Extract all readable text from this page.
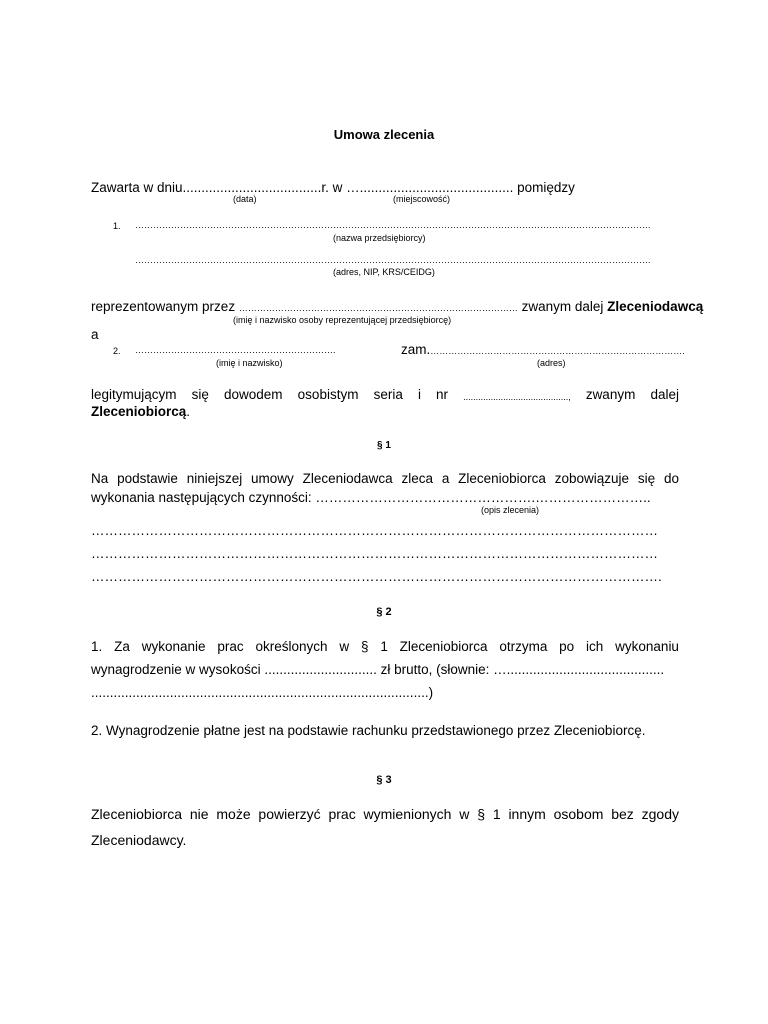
Umowa zlecenia
Zawarta w dniu.....................................r. w …......................................... pomiędzy
(data)	(miejscowość)
1. ……………………………………………………………………………………………………………………………………………………….
(nazwa przedsiębiorcy)
……………………………………………………………………………………………………………………………………………………….
(adres, NIP, KRS/CEIDG)
reprezentowanym przez ………………………………………………………………………………… zwanym dalej Zleceniodawcą
(imię i nazwisko osoby reprezentującej przedsiębiorcę)
a
2. ………………………………………………………….	zam.………………………………………………………………………….
(imię i nazwisko)	(adres)
legitymującym się dowodem osobistym seria i nr .........................................., zwanym dalej
Zleceniobiorcą.
§ 1
Na podstawie niniejszej umowy Zleceniodawca zleca a Zleceniobiorca zobowiązuje się do
wykonania następujących czynności: ………………………………………….……………………..
(opis zlecenia)
………………………………………………………………………………………………………………
………………………………………………………………………………………………………………
……………………………………………………………………………………………………………….
§ 2
1. Za wykonanie prac określonych w § 1 Zleceniobiorca otrzyma po ich wykonaniu
wynagrodzenie w wysokości .............................. zł brutto, (słownie: …..........................................
..........................................................................................)
2. Wynagrodzenie płatne jest na podstawie rachunku przedstawionego przez Zleceniobiorcę.
§ 3
Zleceniobiorca nie może powierzyć prac wymienionych w § 1 innym osobom bez zgody
Zleceniodawcy.
